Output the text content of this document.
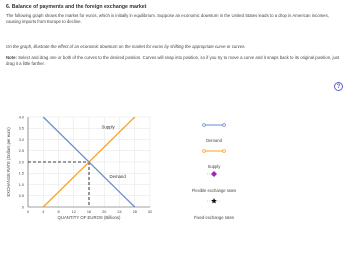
6. Balance of payments and the foreign exchange market
The following graph shows the market for euros, which is initially in equilibrium. Suppose an economic downturn in the United States leads to a drop in American incomes, causing imports from Europe to decline.
On the graph, illustrate the effect of an economic downturn on the market for euros by shifting the appropriate curve or curves.
Note: Select and drag one or both of the curves to the desired position. Curves will snap into position, so if you try to move a curve and it snaps back to its original position, just drag it a little farther.
?
0	4	8	12	16	20	24	28	32
0
0.5
1.0
1.5
2.0
2.5
3.0
3.5
4.0
QUANTITY OF EUROS (Billions)
EXCHANGE RATE (Dollars per euro)
Supply
Demand
Demand
Supply
Flexible exchange rates
Fixed exchange rates
